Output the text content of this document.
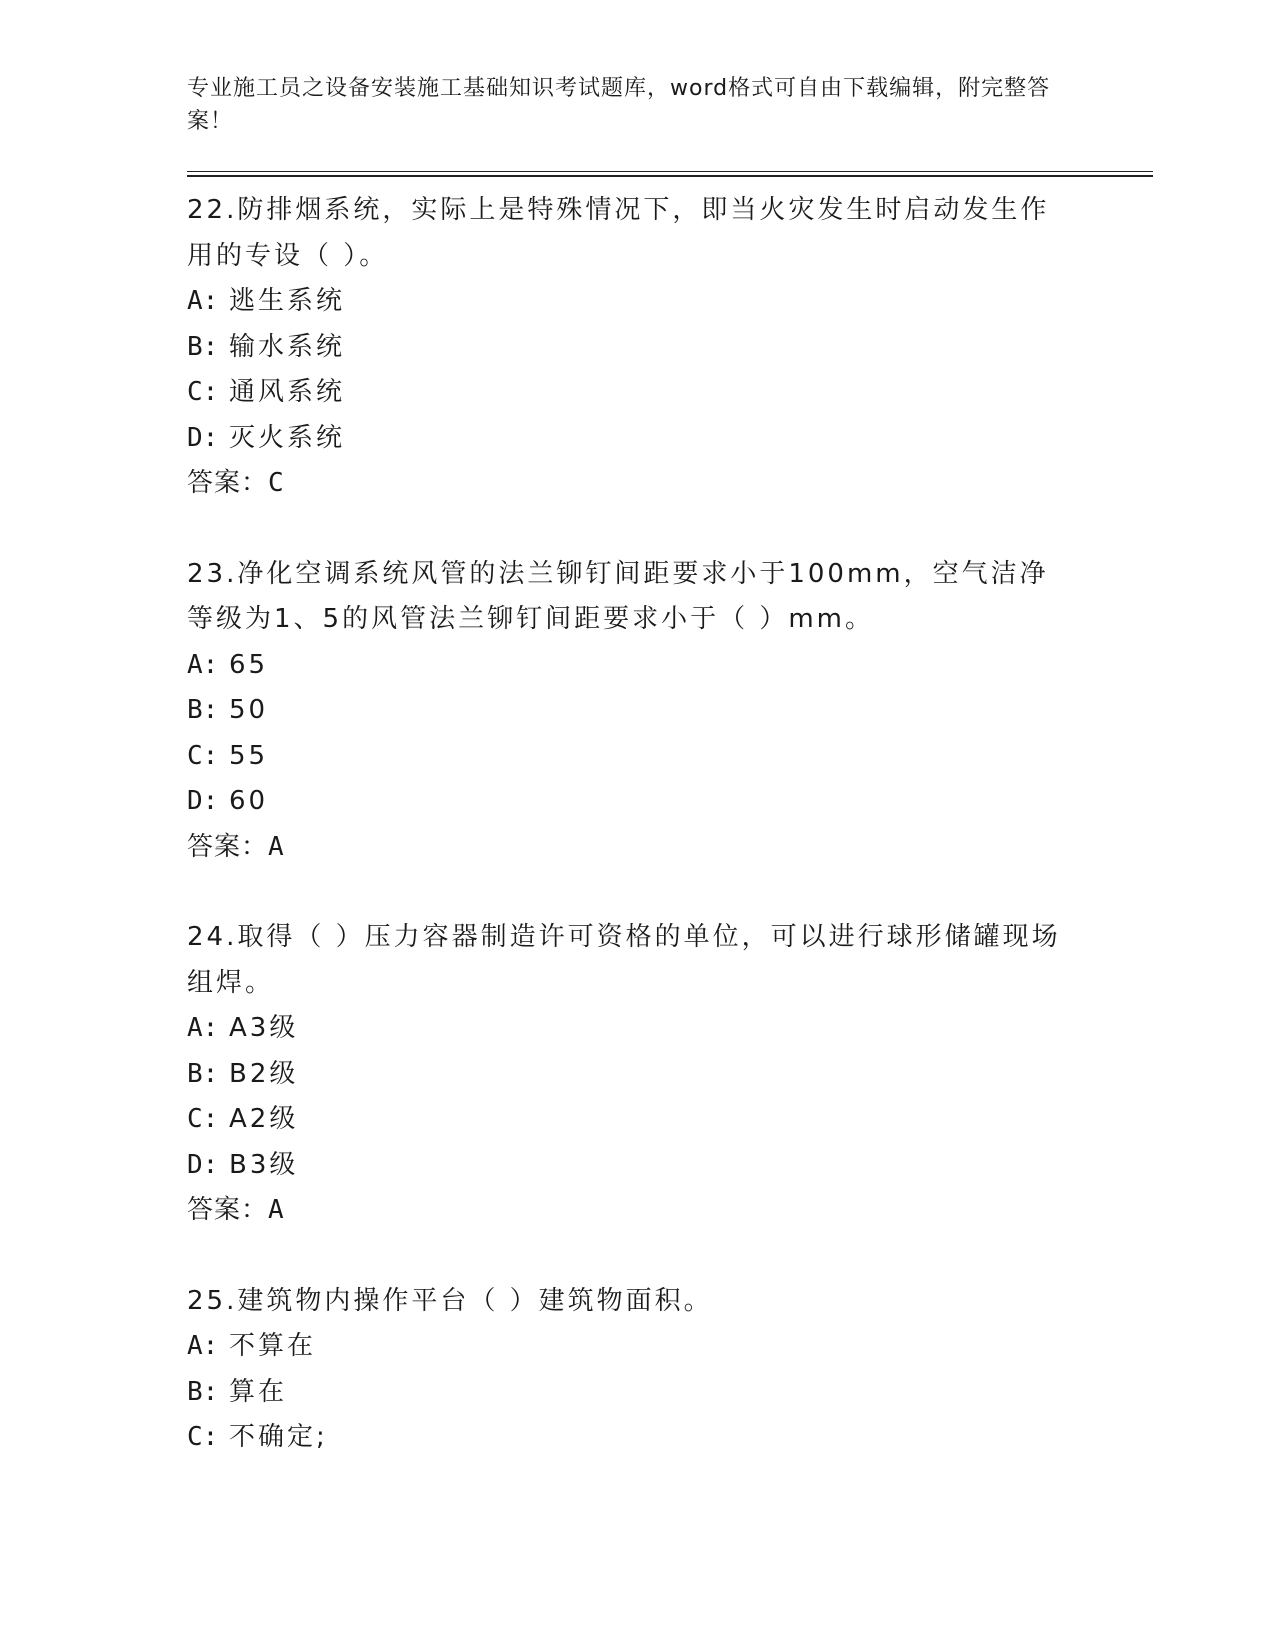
专业施工员之设备安装施工基础知识考试题库，word格式可自由下载编辑，附完整答案！
22.防排烟系统，实际上是特殊情况下，即当火灾发生时启动发生作用的专设（ ）。
A: 逃生系统
B: 输水系统
C: 通风系统
D: 灭火系统
答案：C
23.净化空调系统风管的法兰铆钉间距要求小于100mm，空气洁净等级为1、5的风管法兰铆钉间距要求小于（ ）mm。
A: 65
B: 50
C: 55
D: 60
答案：A
24.取得（ ）压力容器制造许可资格的单位，可以进行球形储罐现场组焊。
A: A3级
B: B2级
C: A2级
D: B3级
答案：A
25.建筑物内操作平台（ ）建筑物面积。
A: 不算在
B: 算在
C: 不确定;
